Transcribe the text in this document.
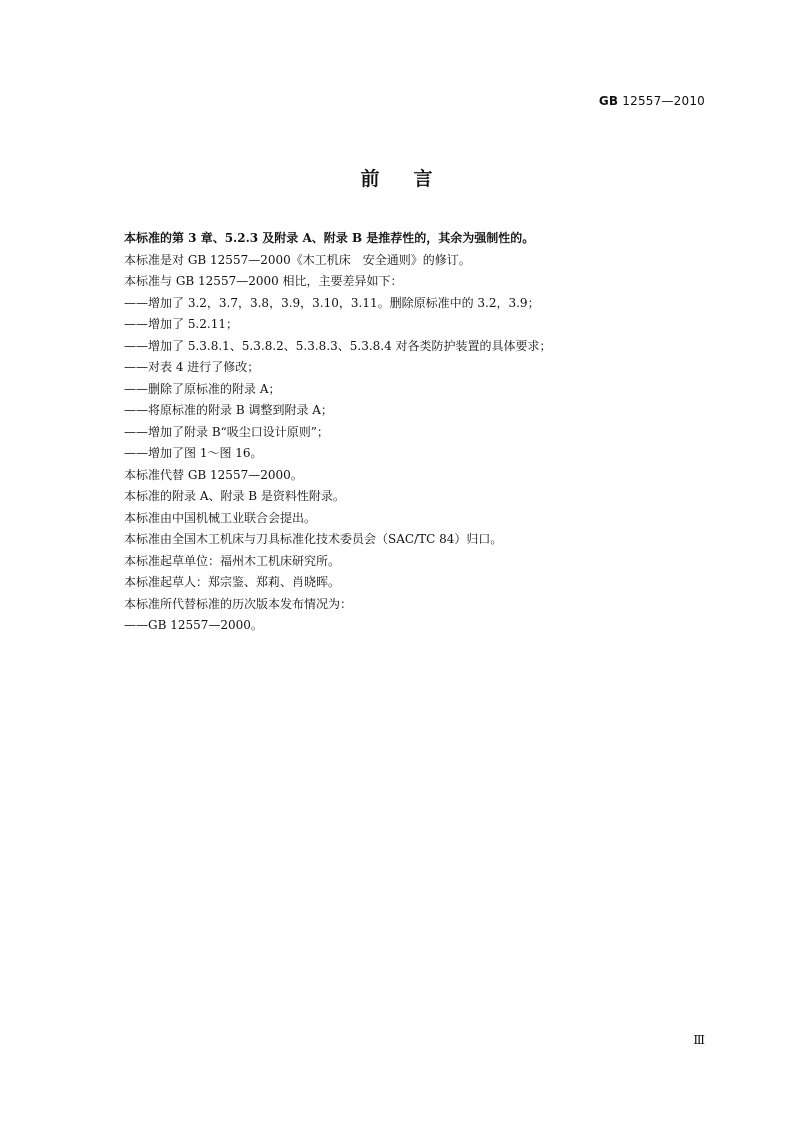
GB 12557—2010
前言
本标准的第 3 章、5.2.3 及附录 A、附录 B 是推荐性的，其余为强制性的。
本标准是对 GB 12557—2000《木工机床　安全通则》的修订。
本标准与 GB 12557—2000 相比，主要差异如下：
——增加了 3.2，3.7，3.8，3.9，3.10，3.11。删除原标准中的 3.2，3.9；
——增加了 5.2.11；
——增加了 5.3.8.1、5.3.8.2、5.3.8.3、5.3.8.4 对各类防护装置的具体要求；
——对表 4 进行了修改；
——删除了原标准的附录 A；
——将原标准的附录 B 调整到附录 A；
——增加了附录 B“吸尘口设计原则”；
——增加了图 1～图 16。
本标准代替 GB 12557—2000。
本标准的附录 A、附录 B 是资料性附录。
本标准由中国机械工业联合会提出。
本标准由全国木工机床与刀具标准化技术委员会（SAC/TC 84）归口。
本标准起草单位：福州木工机床研究所。
本标准起草人：郑宗鉴、郑莉、肖晓晖。
本标准所代替标准的历次版本发布情况为：
——GB 12557—2000。
Ⅲ
